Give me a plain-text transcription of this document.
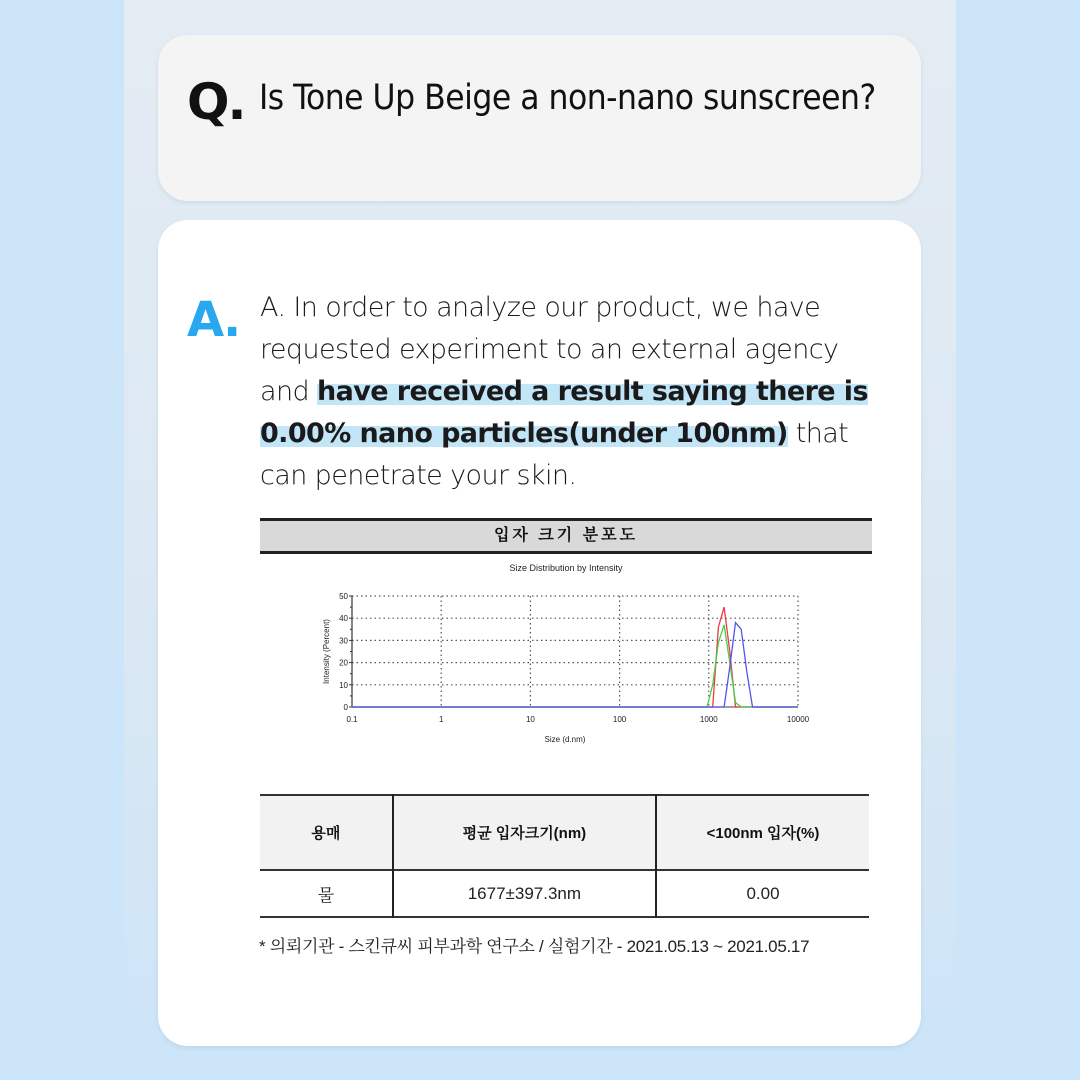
Q. Is Tone Up Beige a non-nano sunscreen?
A. A. In order to analyze our product, we have requested experiment to an external agency and have received a result saying there is 0.00% nano particles(under 100nm) that can penetrate your skin.
입자 크기 분포도
Size Distribution by Intensity
0
10
20
30
40
50
0.1	1	10	100	1000	10000
Size (d.nm)
Intensity (Percent)
용매	평균 입자크기(nm)	<100nm 입자(%)
물	1677±397.3nm	0.00
* 의뢰기관 - 스킨큐씨 피부과학 연구소 / 실험기간 - 2021.05.13 ~ 2021.05.17
